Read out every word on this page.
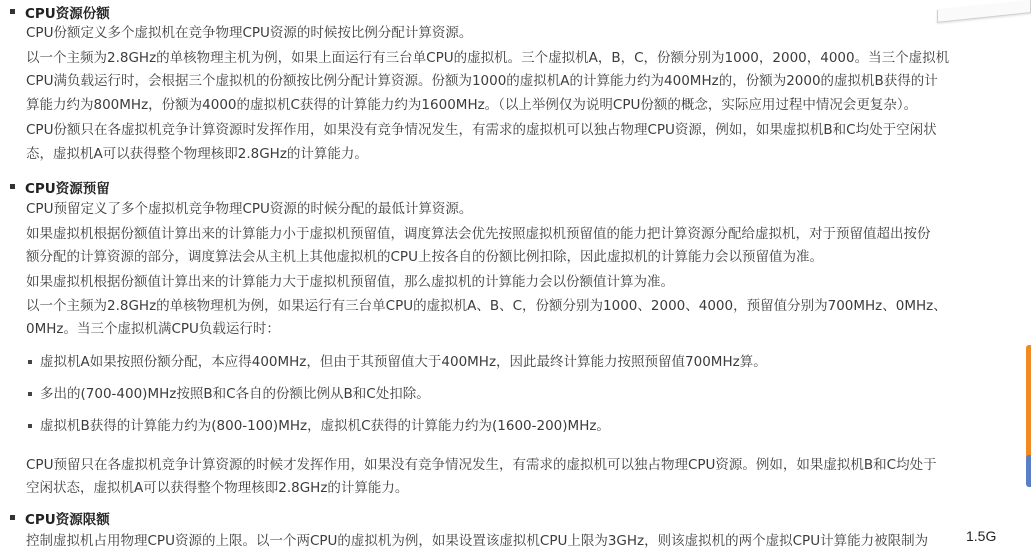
CPU资源份额
CPU份额定义多个虚拟机在竞争物理CPU资源的时候按比例分配计算资源。
以一个主频为2.8GHz的单核物理主机为例，如果上面运行有三台单CPU的虚拟机。三个虚拟机A，B，C，份额分别为1000，2000，4000。当三个虚拟机
CPU满负载运行时，会根据三个虚拟机的份额按比例分配计算资源。份额为1000的虚拟机A的计算能力约为400MHz的，份额为2000的虚拟机B获得的计
算能力约为800MHz，份额为4000的虚拟机C获得的计算能力约为1600MHz。（以上举例仅为说明CPU份额的概念，实际应用过程中情况会更复杂）。
CPU份额只在各虚拟机竞争计算资源时发挥作用，如果没有竞争情况发生，有需求的虚拟机可以独占物理CPU资源，例如，如果虚拟机B和C均处于空闲状
态，虚拟机A可以获得整个物理核即2.8GHz的计算能力。
CPU资源预留
CPU预留定义了多个虚拟机竞争物理CPU资源的时候分配的最低计算资源。
如果虚拟机根据份额值计算出来的计算能力小于虚拟机预留值，调度算法会优先按照虚拟机预留值的能力把计算资源分配给虚拟机，对于预留值超出按份
额分配的计算资源的部分，调度算法会从主机上其他虚拟机的CPU上按各自的份额比例扣除，因此虚拟机的计算能力会以预留值为准。
如果虚拟机根据份额值计算出来的计算能力大于虚拟机预留值，那么虚拟机的计算能力会以份额值计算为准。
以一个主频为2.8GHz的单核物理机为例，如果运行有三台单CPU的虚拟机A、B、C，份额分别为1000、2000、4000，预留值分别为700MHz、0MHz、
0MHz。当三个虚拟机满CPU负载运行时：
虚拟机A如果按照份额分配，本应得400MHz，但由于其预留值大于400MHz，因此最终计算能力按照预留值700MHz算。
多出的(700-400)MHz按照B和C各自的份额比例从B和C处扣除。
虚拟机B获得的计算能力约为(800-100)MHz，虚拟机C获得的计算能力约为(1600-200)MHz。
CPU预留只在各虚拟机竞争计算资源的时候才发挥作用，如果没有竞争情况发生，有需求的虚拟机可以独占物理CPU资源。例如，如果虚拟机B和C均处于
空闲状态，虚拟机A可以获得整个物理核即2.8GHz的计算能力。
CPU资源限额
控制虚拟机占用物理CPU资源的上限。以一个两CPU的虚拟机为例，如果设置该虚拟机CPU上限为3GHz，则该虚拟机的两个虚拟CPU计算能力被限制为	1.5G
